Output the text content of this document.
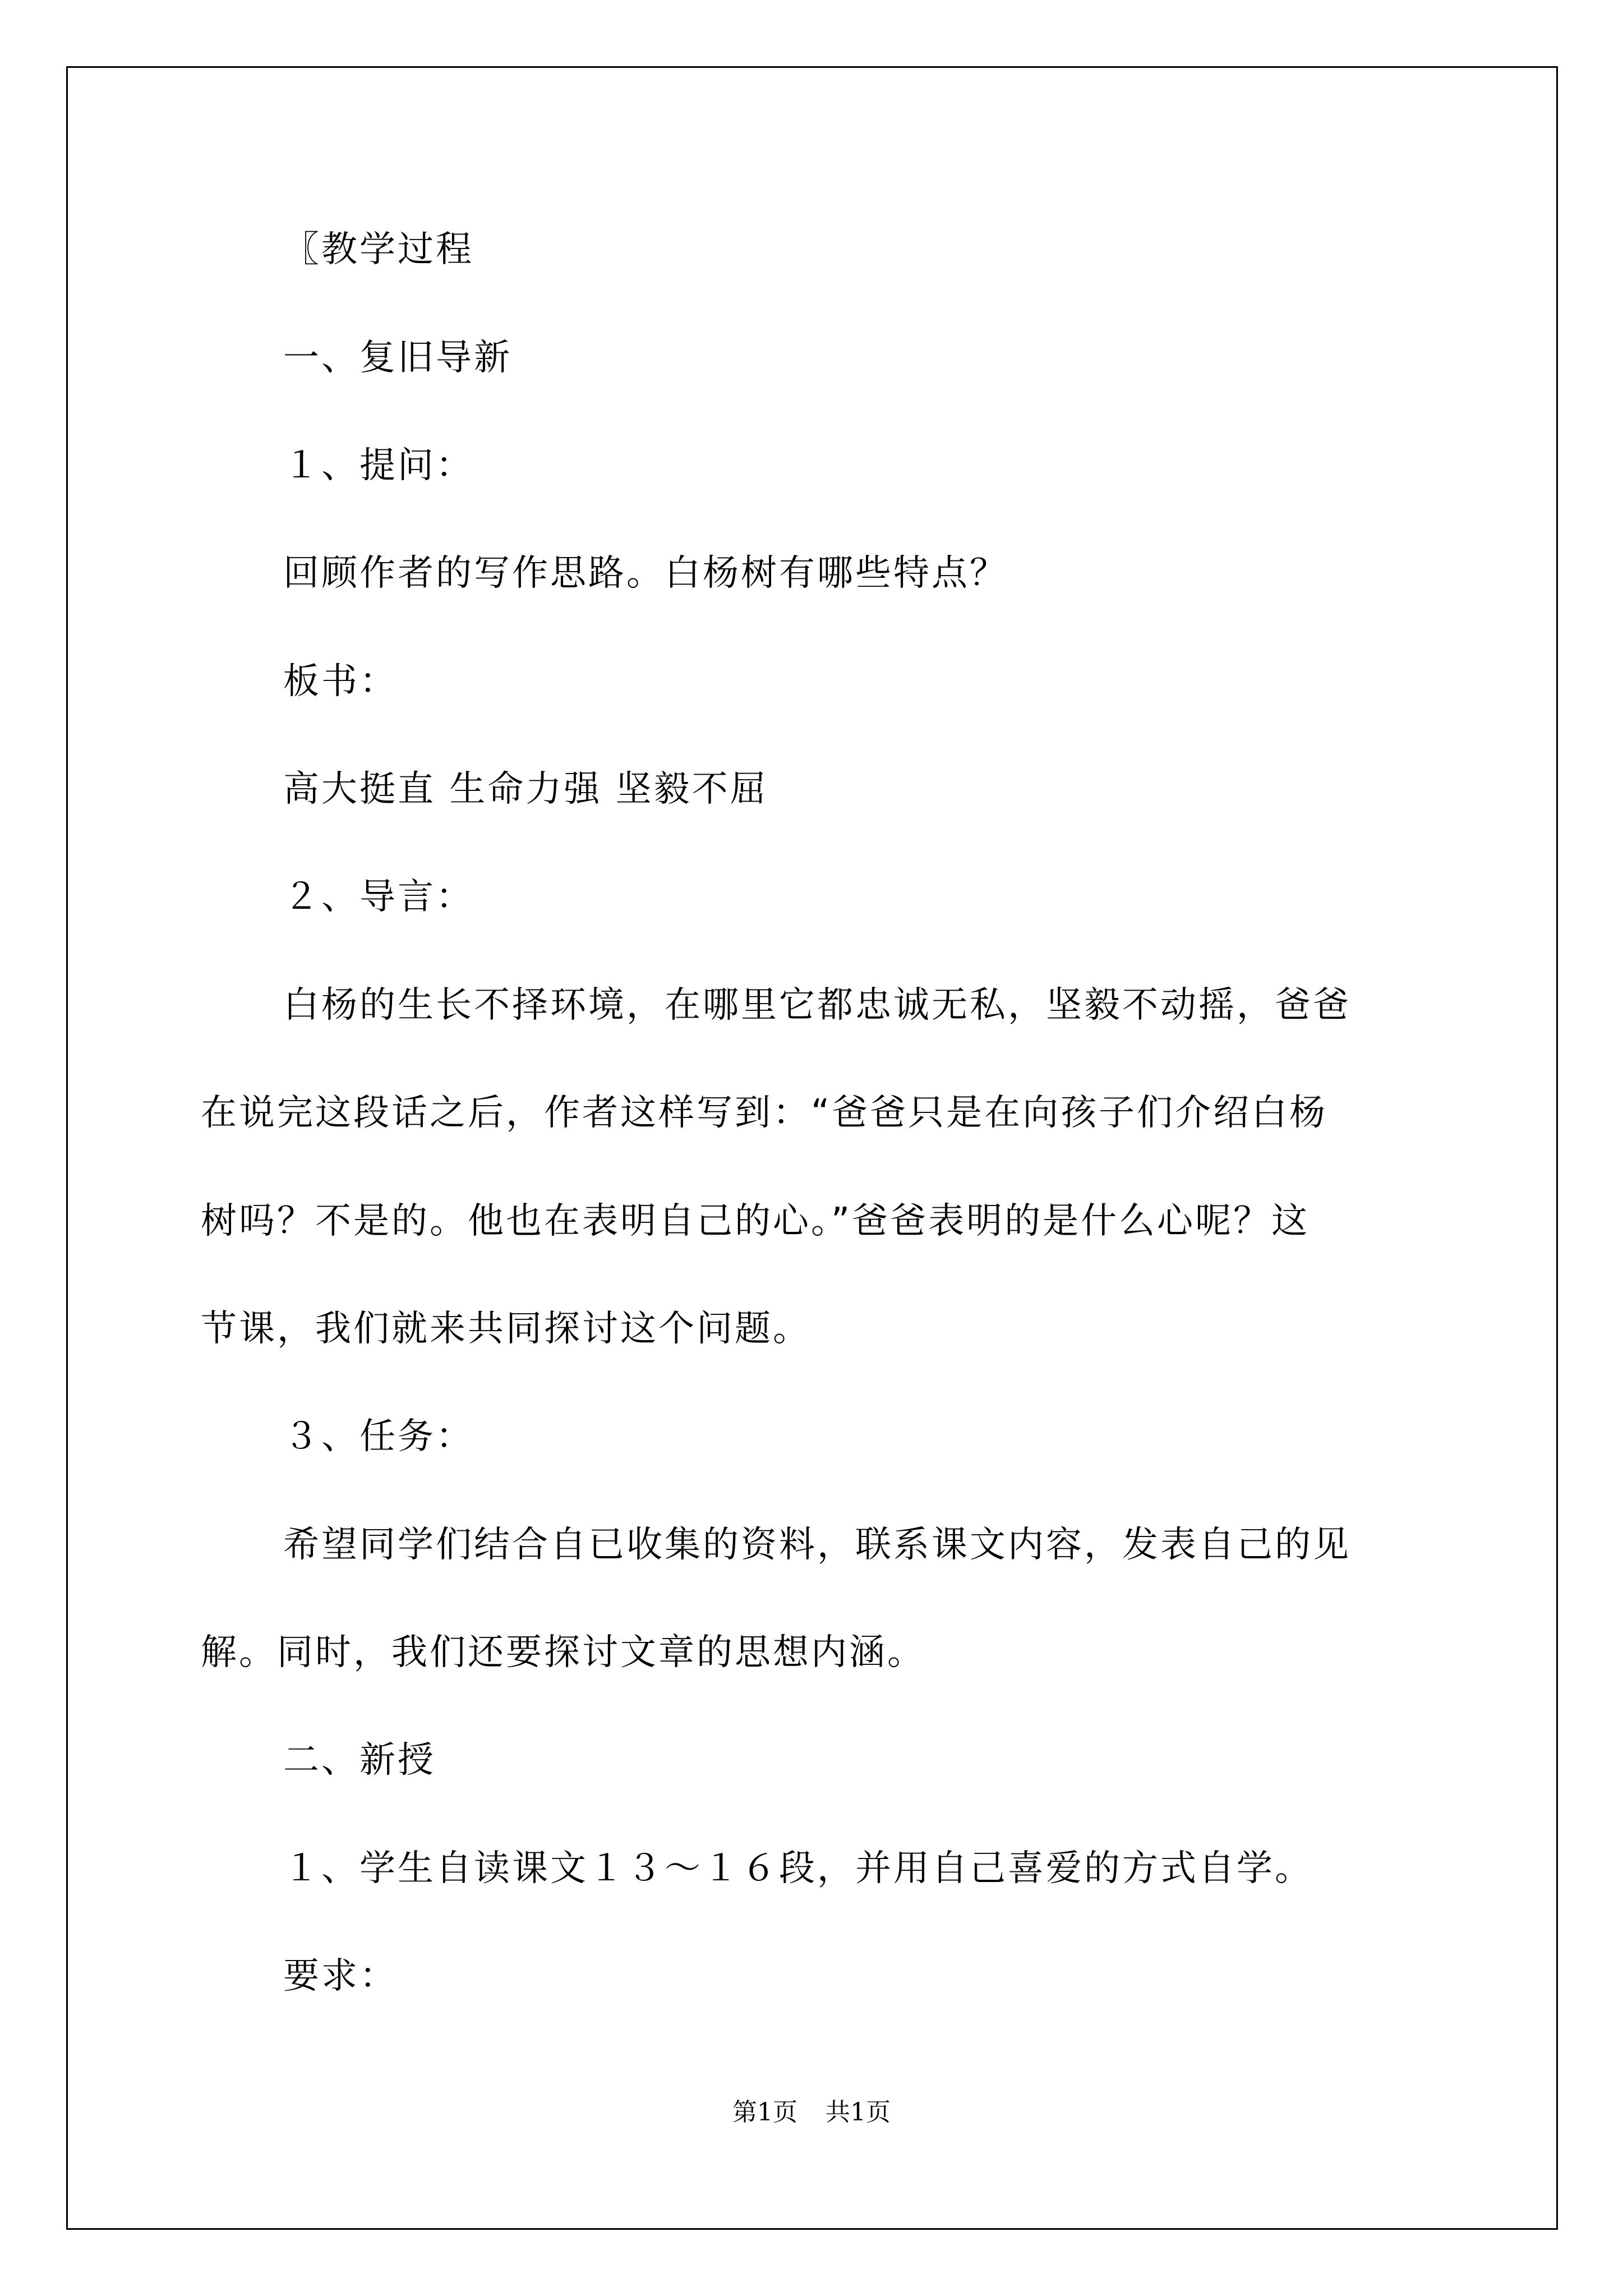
〖教学过程
一、复旧导新
１、提问：
回顾作者的写作思路。白杨树有哪些特点？
板书：
高大挺直 生命力强 坚毅不屈
２、导言：
白杨的生长不择环境，在哪里它都忠诚无私，坚毅不动摇，爸爸
在说完这段话之后，作者这样写到：“爸爸只是在向孩子们介绍白杨
树吗？不是的。他也在表明自己的心。”爸爸表明的是什么心呢？这
节课，我们就来共同探讨这个问题。
３、任务：
希望同学们结合自已收集的资料，联系课文内容，发表自己的见
解。同时，我们还要探讨文章的思想内涵。
二、新授
１、学生自读课文１３～１６段，并用自己喜爱的方式自学。
要求：
第1页 共1页
